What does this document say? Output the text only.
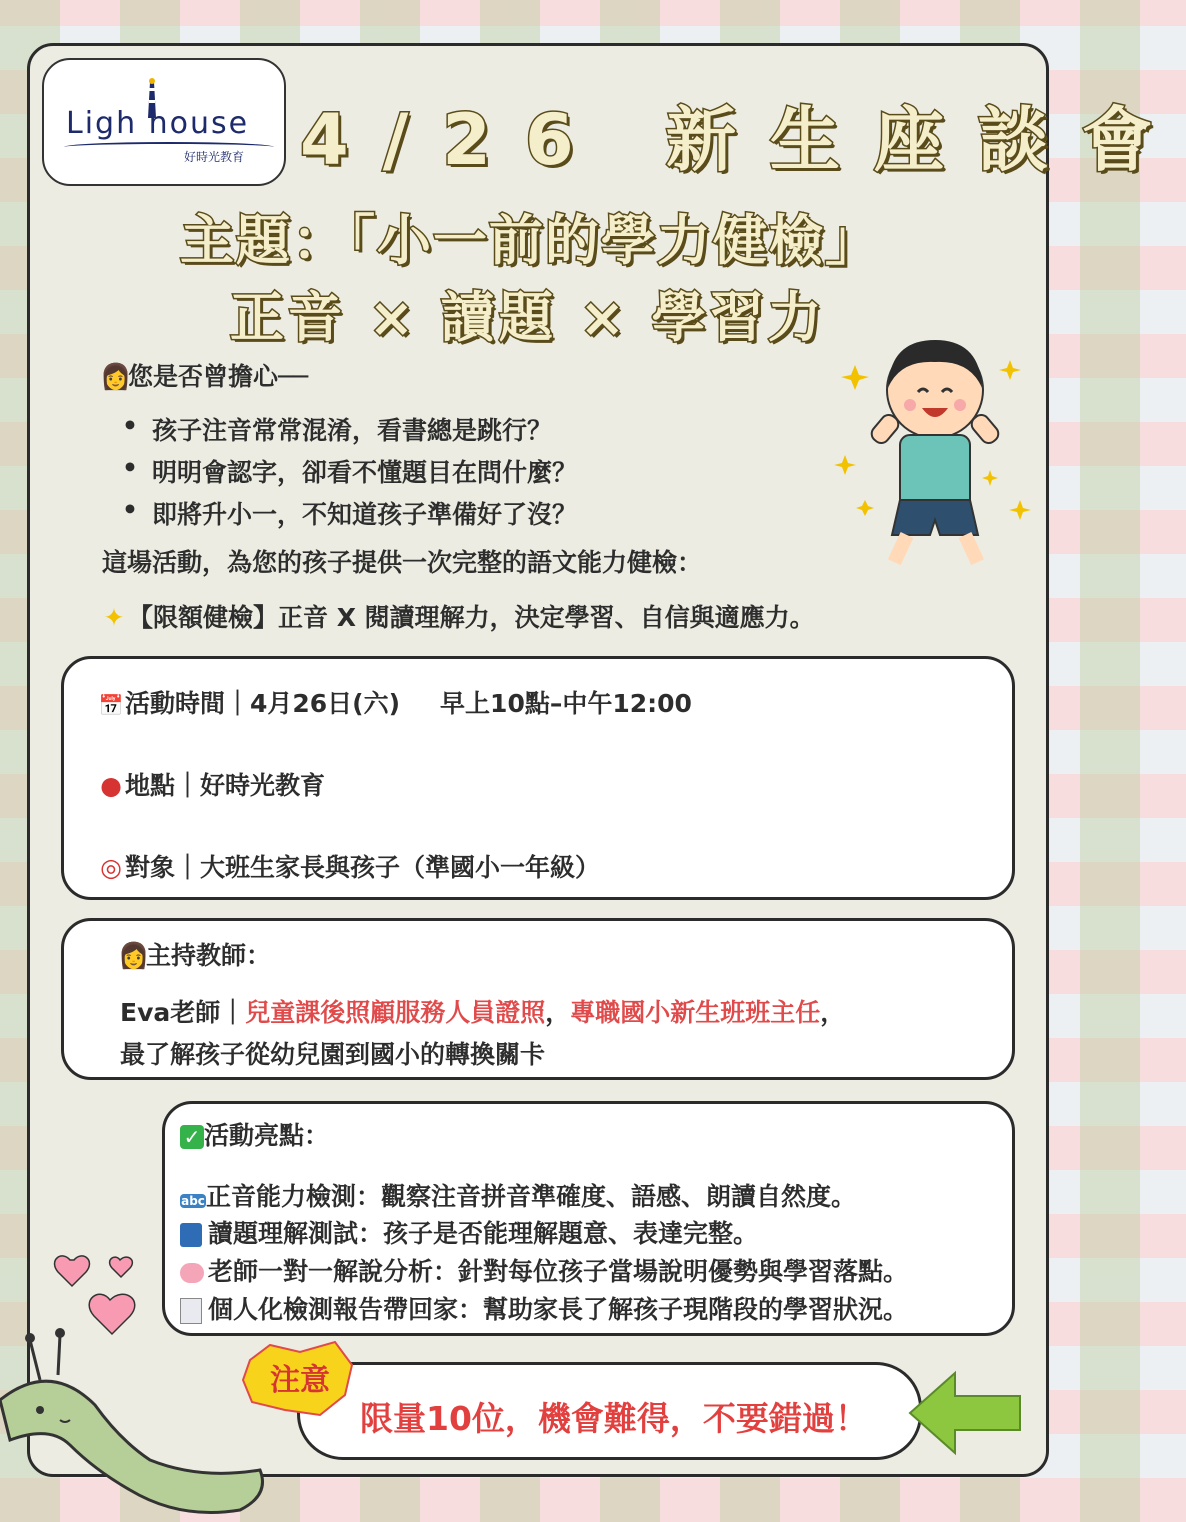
Ligh house
好時光教育 4/26 新生座談會
主題：「小一前的學力健檢」
正音 × 讀題 × 學習力
👩您是否曾擔心──
• 孩子注音常常混淆，看書總是跳行？
• 明明會認字，卻看不懂題目在問什麼？
• 即將升小一，不知道孩子準備好了沒？
這場活動，為您的孩子提供一次完整的語文能力健檢：
✦ 【限額健檢】正音 X 閱讀理解力，決定學習、自信與適應力。
📅活動時間｜4月26日(六) 早上10點–中午12:00
● 地點｜好時光教育
◎ 對象｜大班生家長與孩子（準國小一年級）
👩主持教師：
Eva老師｜兒童課後照顧服務人員證照，專職國小新生班班主任，
最了解孩子從幼兒園到國小的轉換關卡
✓ 活動亮點：
abc正音能力檢測：觀察注音拼音準確度、語感、朗讀自然度。
讀題理解測試：孩子是否能理解題意、表達完整。
老師一對一解說分析：針對每位孩子當場說明優勢與學習落點。
個人化檢測報告帶回家：幫助家長了解孩子現階段的學習狀況。
注意
限量10位，機會難得，不要錯過！
